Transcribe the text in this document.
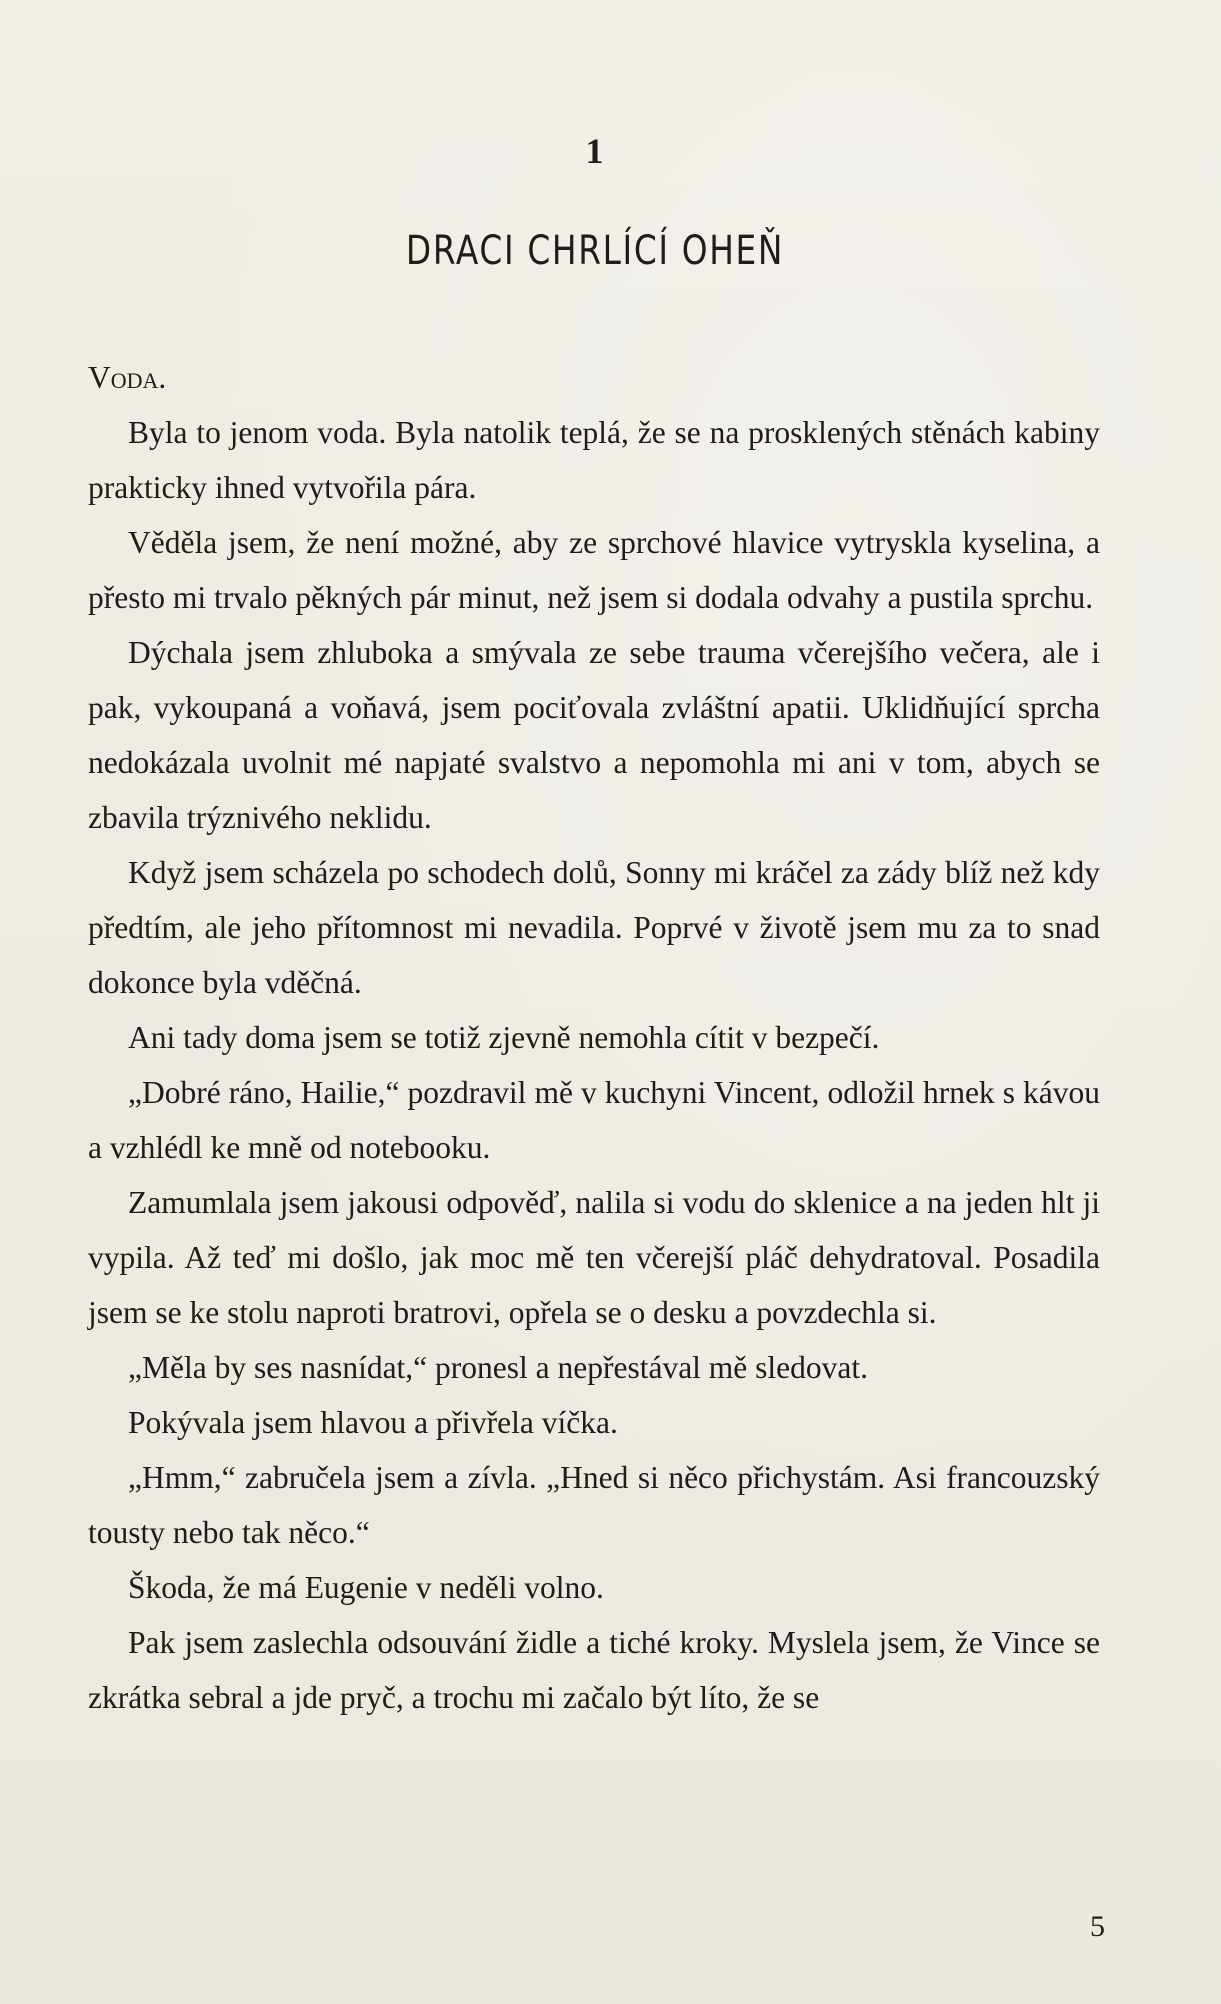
1
DRACI CHRLÍCÍ OHEŇ

Voda.

Byla to jenom voda. Byla natolik teplá, že se na prosklených stěnách kabiny prakticky ihned vytvořila pára.

Věděla jsem, že není možné, aby ze sprchové hlavice vytryskla kyselina, a přesto mi trvalo pěkných pár minut, než jsem si dodala odvahy a pustila sprchu.

Dýchala jsem zhluboka a smývala ze sebe trauma včerejšího večera, ale i pak, vykoupaná a voňavá, jsem pociťovala zvláštní apatii. Uklidňující sprcha nedokázala uvolnit mé napjaté svalstvo a nepomohla mi ani v tom, abych se zbavila trýznivého neklidu.

Když jsem scházela po schodech dolů, Sonny mi kráčel za zády blíž než kdy předtím, ale jeho přítomnost mi nevadila. Poprvé v životě jsem mu za to snad dokonce byla vděčná.

Ani tady doma jsem se totiž zjevně nemohla cítit v bezpečí.

„Dobré ráno, Hailie,“ pozdravil mě v kuchyni Vincent, odložil hrnek s kávou a vzhlédl ke mně od notebooku.

Zamumlala jsem jakousi odpověď, nalila si vodu do sklenice a na jeden hlt ji vypila. Až teď mi došlo, jak moc mě ten včerejší pláč dehydratoval. Posadila jsem se ke stolu naproti bratrovi, opřela se o desku a povzdechla si.

„Měla by ses nasnídat,“ pronesl a nepřestával mě sledovat.

Pokývala jsem hlavou a přivřela víčka.

„Hmm,“ zabručela jsem a zívla. „Hned si něco přichystám. Asi francouzský tousty nebo tak něco.“

Škoda, že má Eugenie v neděli volno.

Pak jsem zaslechla odsouvání židle a tiché kroky. Myslela jsem, že Vince se zkrátka sebral a jde pryč, a trochu mi začalo být líto, že se

5
